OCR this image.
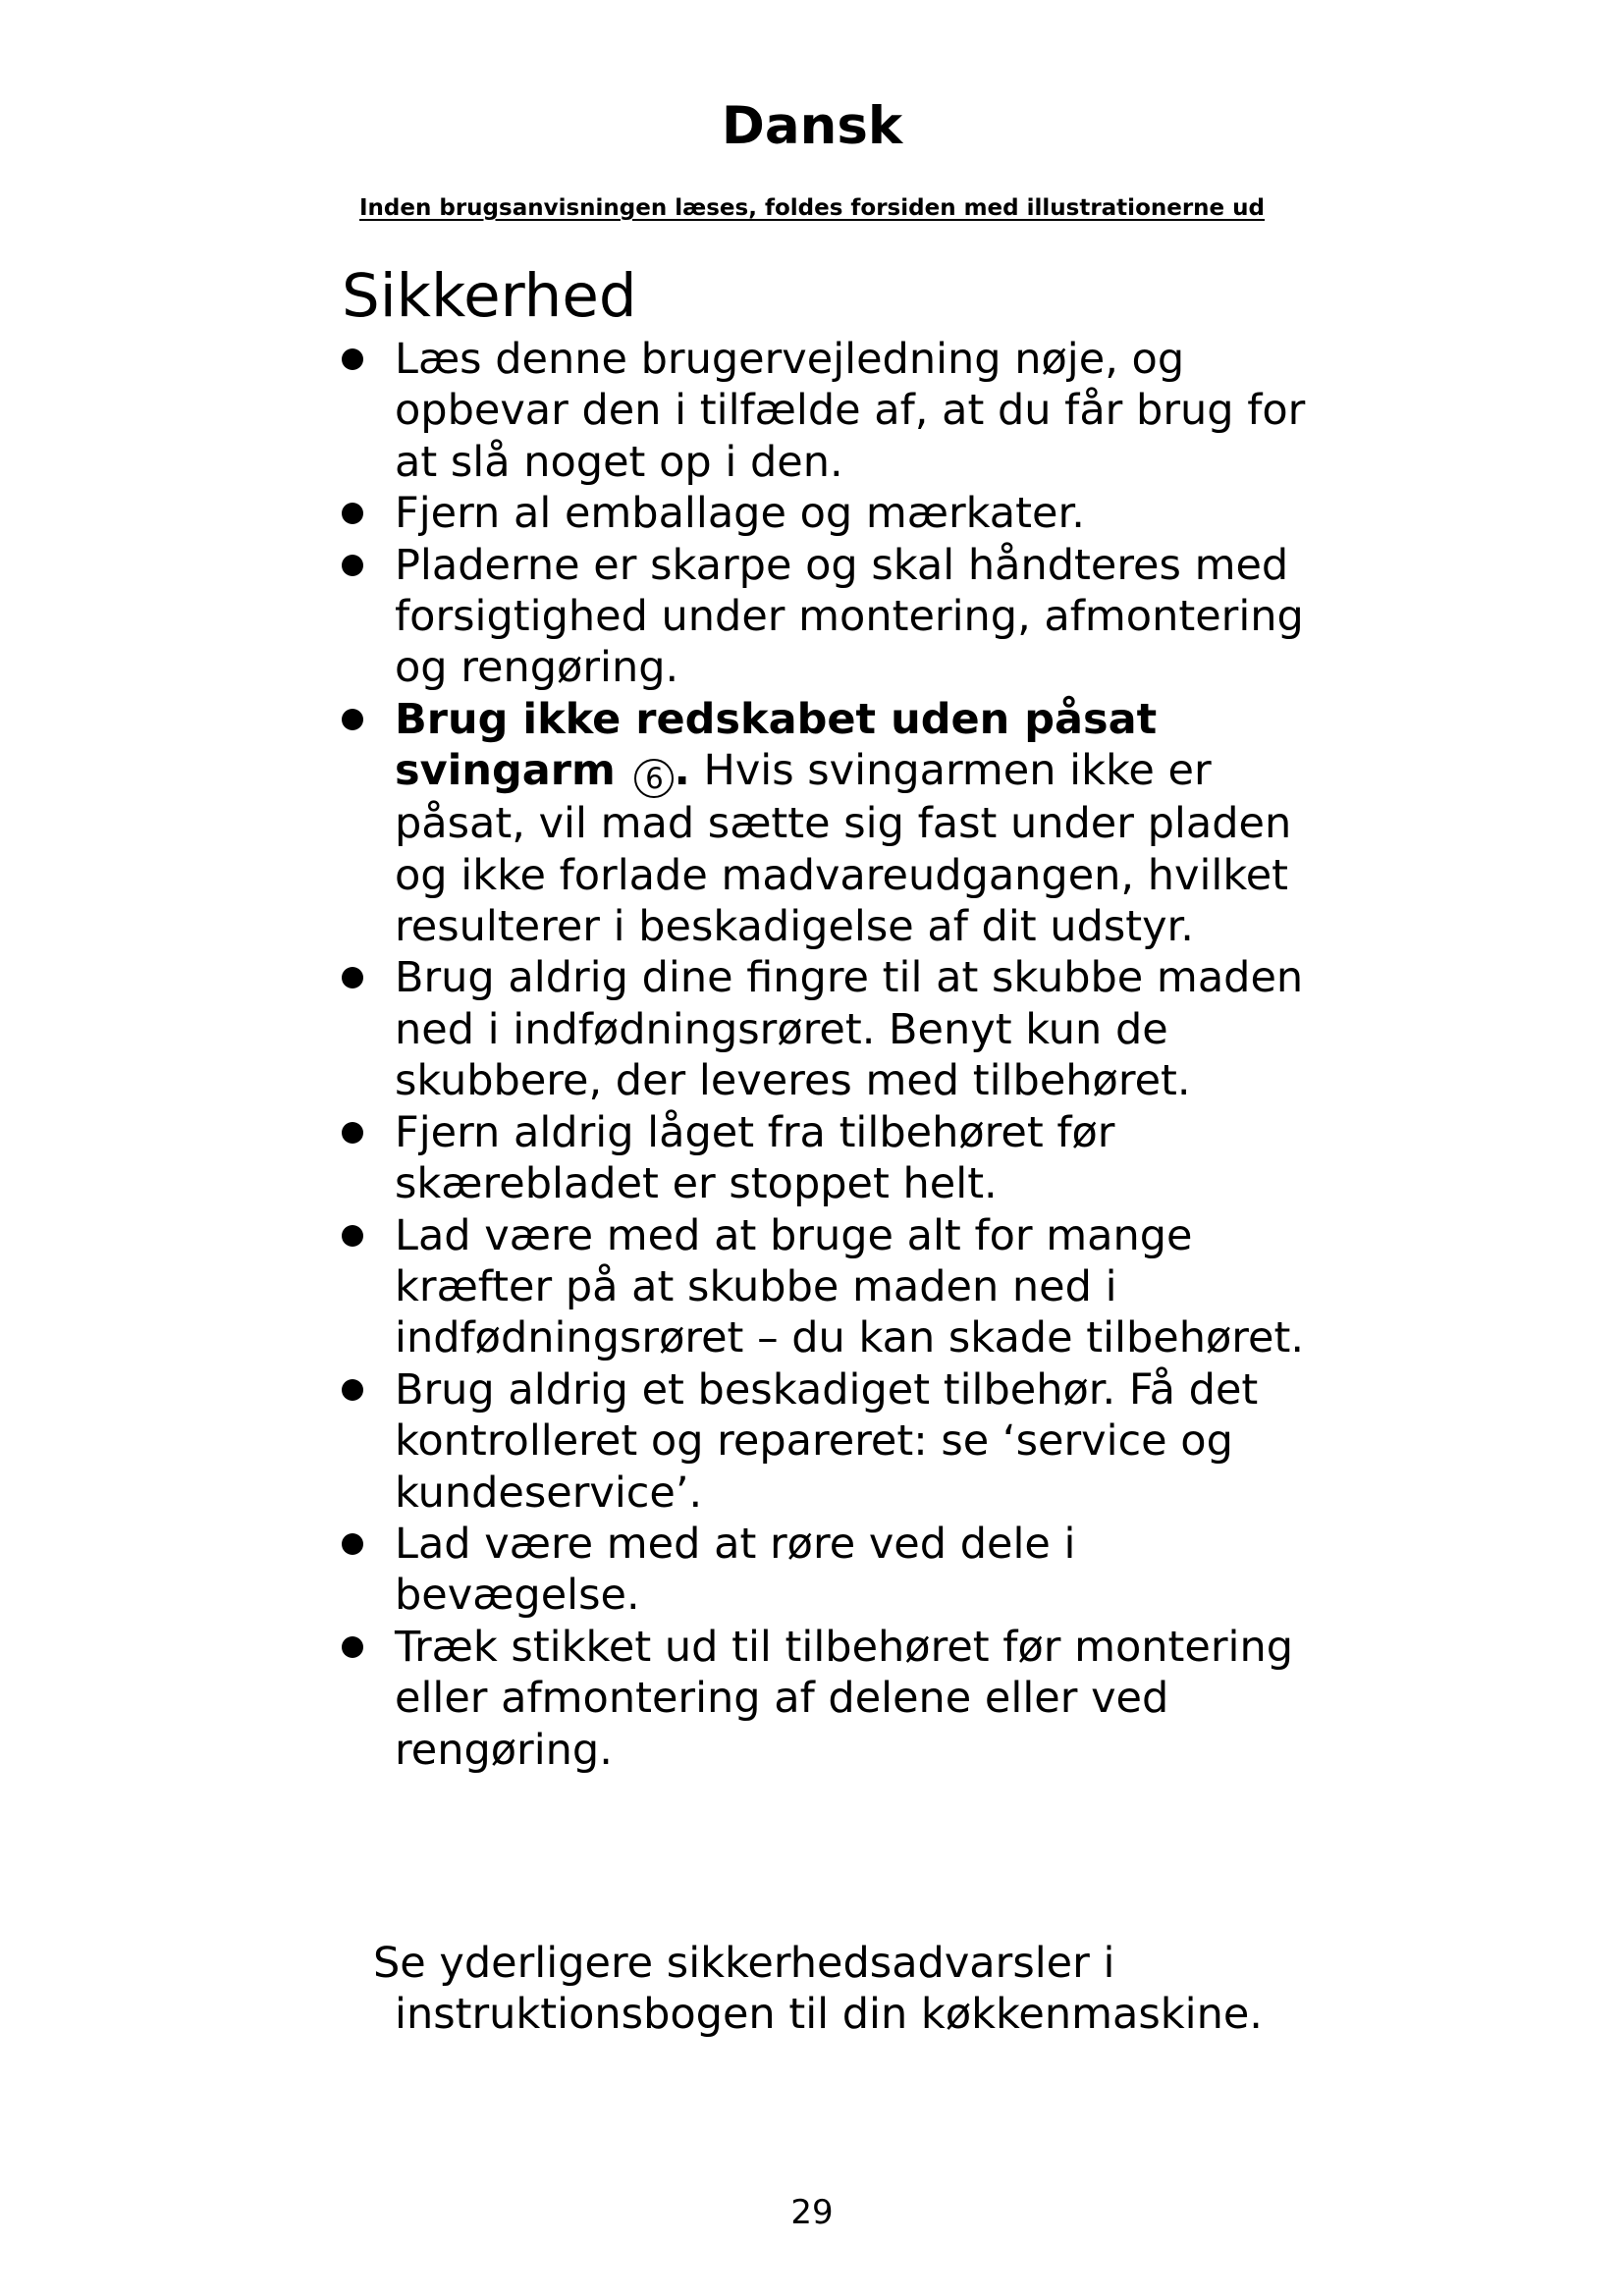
Dansk
Inden brugsanvisningen læses, foldes forsiden med illustrationerne ud
Sikkerhed
Læs denne brugervejledning nøje, og opbevar den i tilfælde af, at du får brug for at slå noget op i den.
Fjern al emballage og mærkater.
Pladerne er skarpe og skal håndteres med forsigtighed under montering, afmontering og rengøring.
Brug ikke redskabet uden påsat svingarm 6 . Hvis svingarmen ikke er påsat, vil mad sætte sig fast under pladen og ikke forlade madvareudgangen, hvilket resulterer i beskadigelse af dit udstyr.
Brug aldrig dine fingre til at skubbe maden ned i indfødningsrøret. Benyt kun de skubbere, der leveres med tilbehøret.
Fjern aldrig låget fra tilbehøret før skærebladet er stoppet helt.
Lad være med at bruge alt for mange kræfter på at skubbe maden ned i indfødningsrøret – du kan skade tilbehøret.
Brug aldrig et beskadiget tilbehør. Få det kontrolleret og repareret: se ‘service og kundeservice’.
Lad være med at røre ved dele i bevægelse.
Træk stikket ud til tilbehøret før montering eller afmontering af delene eller ved rengøring.

Se yderligere sikkerhedsadvarsler i instruktionsbogen til din køkkenmaskine.

29
